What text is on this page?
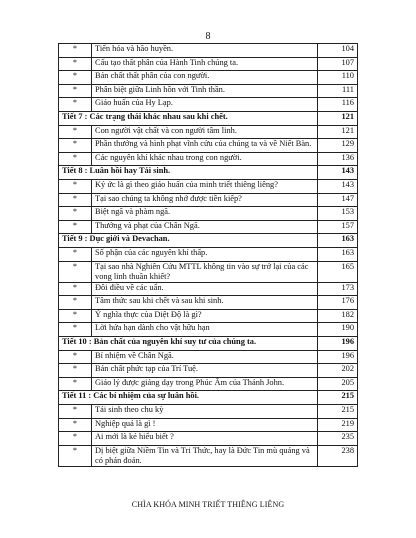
8
*	Tiến hóa và hão huyền.	104
*	Cấu tạo thất phân của Hành Tinh chúng ta.	107
*	Bản chất thất phân của con người.	110
*	Phân biệt giữa Linh hồn với Tinh thần.	111
*	Giáo huấn của Hy Lạp.	116
Tiết 7 : Các trạng thái khác nhau sau khi chết.		121
*	Con người vật chất và con người tâm linh.	121
*	Phần thưởng và hình phạt vĩnh cửu của chúng ta và về Niết Bàn.	129
*	Các nguyên khí khác nhau trong con người.	136
Tiết 8 : Luân hồi hay Tái sinh.		143
*	Ký ức là gì theo giáo huấn của minh triết thiêng liêng?	143
*	Tại sao chúng ta không nhớ được tiền kiếp?	147
*	Biệt ngã và phàm ngã.	153
*	Thưởng và phạt của Chân Ngã.	157
Tiết 9 : Dục giới và Devachan.		163
*	Số phận của các nguyên khí thấp.	163
*	Tại sao nhà Nghiên Cứu MTTL không tin vào sự trở lại của các vong linh thuần khiết?	165
*	Đôi điều về các uẩn.	173
*	Tâm thức sau khi chết và sau khi sinh.	176
*	Ý nghĩa thực của Diệt Độ là gì?	182
*	Lời hứa hạn dành cho vật hữu hạn	190
Tiết 10 : Bản chất của nguyên khí suy tư của chúng ta.		196
*	Bí nhiệm về Chân Ngã.	196
*	Bản chất phức tạp của Trí Tuệ.	202
*	Giáo lý được giảng dạy trong Phúc Âm của Thánh John.	205
Tiết 11 : Các bí nhiệm của sự luân hồi.		215
*	Tái sinh theo chu kỳ	215
*	Nghiệp quả là gì !	219
*	Ai mới là kẻ hiểu biết ?	235
*	Dị biệt giữa Niềm Tin và Tri Thức, hay là Đức Tin mù quáng và có phán đoán.	238
CHÌA KHÓA MINH TRIẾT THIÊNG LIÊNG
